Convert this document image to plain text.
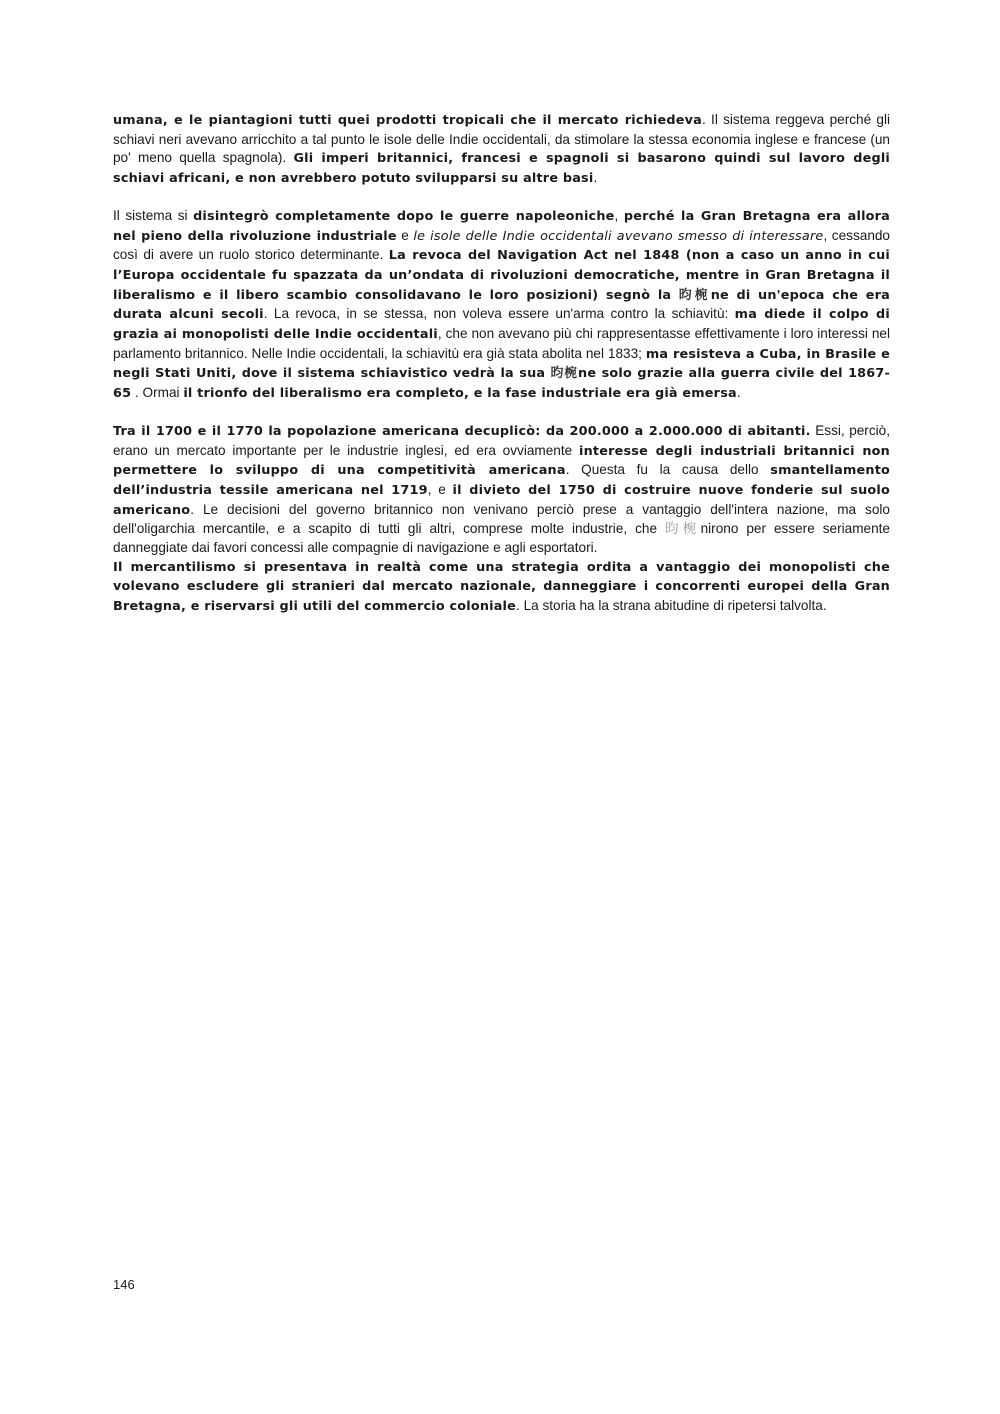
umana, e le piantagioni tutti quei prodotti tropicali che il mercato richiedeva. Il sistema reggeva perché gli schiavi neri avevano arricchito a tal punto le isole delle Indie occidentali, da stimolare la stessa economia inglese e francese (un po' meno quella spagnola). Gli imperi britannici, francesi e spagnoli si basarono quindi sul lavoro degli schiavi africani, e non avrebbero potuto svilupparsi su altre basi.

Il sistema si disintegrò completamente dopo le guerre napoleoniche, perché la Gran Bretagna era allora nel pieno della rivoluzione industriale e le isole delle Indie occidentali avevano smesso di interessare, cessando così di avere un ruolo storico determinante. La revoca del Navigation Act nel 1848 (non a caso un anno in cui l’Europa occidentale fu spazzata da un’ondata di rivoluzioni democratiche, mentre in Gran Bretagna il liberalismo e il libero scambio consolidavano le loro posizioni) segnò la 昀椀ne di un'epoca che era durata alcuni secoli. La revoca, in se stessa, non voleva essere un'arma contro la schiavitù: ma diede il colpo di grazia ai monopolisti delle Indie occidentali, che non avevano più chi rappresentasse effettivamente i loro interessi nel parlamento britannico. Nelle Indie occidentali, la schiavitù era già stata abolita nel 1833; ma resisteva a Cuba, in Brasile e negli Stati Uniti, dove il sistema schiavistico vedrà la sua 昀椀ne solo grazie alla guerra civile del 1867-65 . Ormai il trionfo del liberalismo era completo, e la fase industriale era già emersa.

Tra il 1700 e il 1770 la popolazione americana decuplicò: da 200.000 a 2.000.000 di abitanti. Essi, perciò, erano un mercato importante per le industrie inglesi, ed era ovviamente interesse degli industriali britannici non permettere lo sviluppo di una competitività americana. Questa fu la causa dello smantellamento dell’industria tessile americana nel 1719, e il divieto del 1750 di costruire nuove fonderie sul suolo americano. Le decisioni del governo britannico non venivano perciò prese a vantaggio dell'intera nazione, ma solo dell'oligarchia mercantile, e a scapito di tutti gli altri, comprese molte industrie, che 昀椀nirono per essere seriamente danneggiate dai favori concessi alle compagnie di navigazione e agli esportatori.

Il mercantilismo si presentava in realtà come una strategia ordita a vantaggio dei monopolisti che volevano escludere gli stranieri dal mercato nazionale, danneggiare i concorrenti europei della Gran Bretagna, e riservarsi gli utili del commercio coloniale. La storia ha la strana abitudine di ripetersi talvolta.

146
